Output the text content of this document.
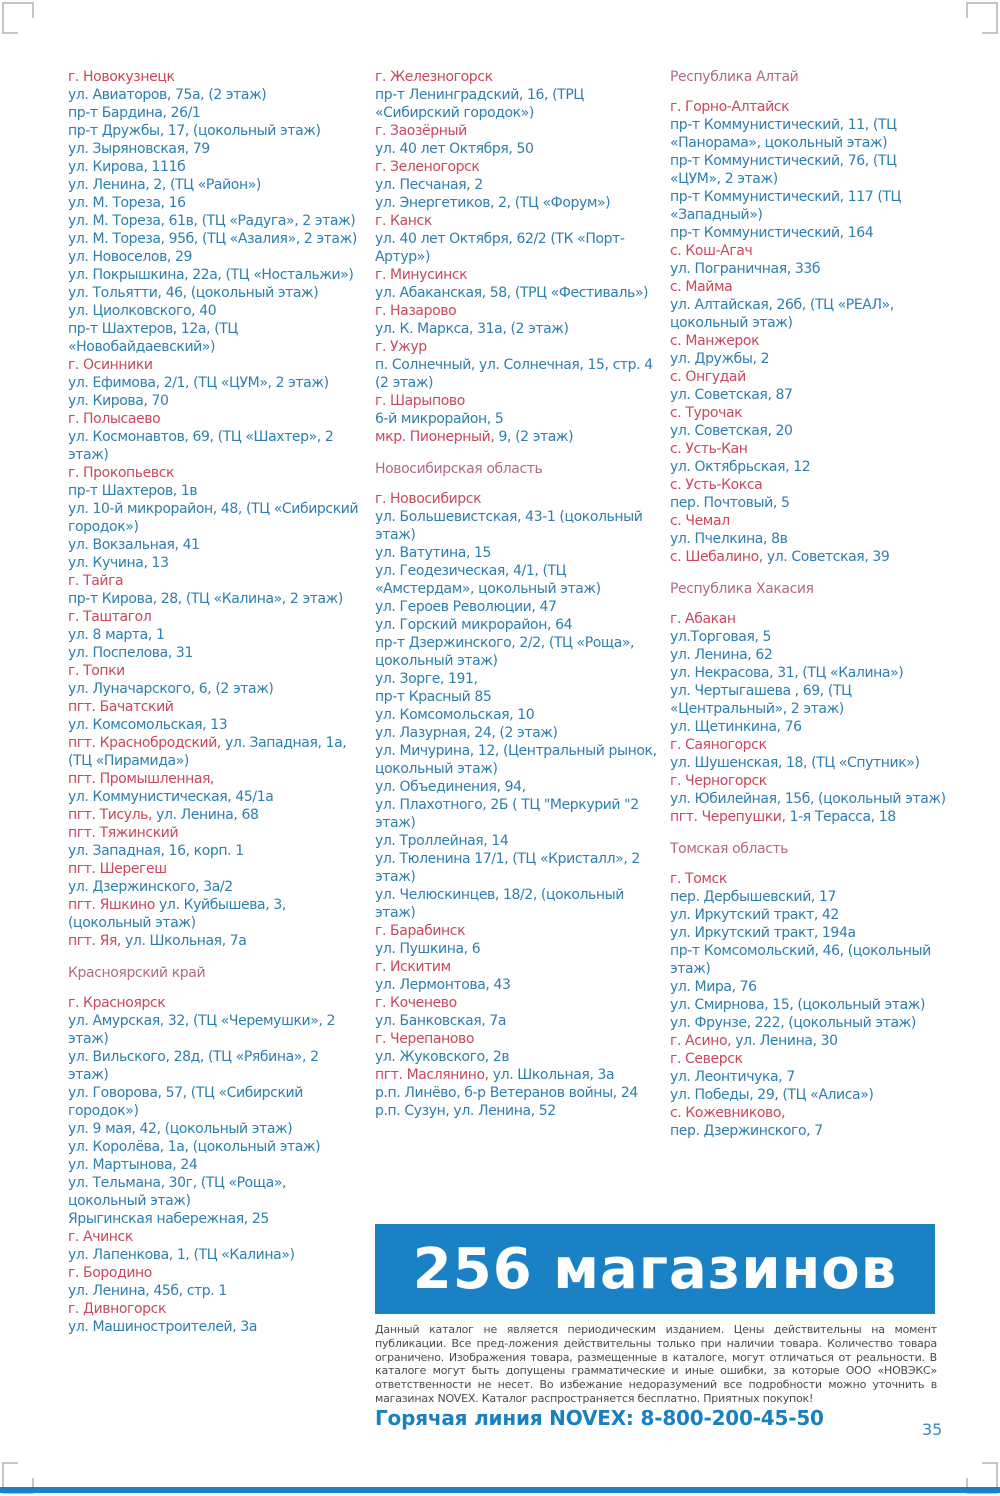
г. Новокузнецк
ул. Авиаторов, 75а, (2 этаж)
пр-т Бардина, 26/1
пр-т Дружбы, 17, (цокольный этаж)
ул. Зыряновская, 79
ул. Кирова, 111б
ул. Ленина, 2, (ТЦ «Район»)
ул. М. Тореза, 16
ул. М. Тореза, 61в, (ТЦ «Радуга», 2 этаж)
ул. М. Тореза, 95б, (ТЦ «Азалия», 2 этаж)
ул. Новоселов, 29
ул. Покрышкина, 22а, (ТЦ «Ностальжи»)
ул. Тольятти, 46, (цокольный этаж)
ул. Циолковского, 40
пр-т Шахтеров, 12а, (ТЦ «Новобайдаевский»)
г. Осинники
ул. Ефимова, 2/1, (ТЦ «ЦУМ», 2 этаж)
ул. Кирова, 70
г. Полысаево
ул. Космонавтов, 69, (ТЦ «Шахтер», 2 этаж)
г. Прокопьевск
пр-т Шахтеров, 1в
ул. 10-й микрорайон, 48, (ТЦ «Сибирский городок»)
ул. Вокзальная, 41
ул. Кучина, 13
г. Тайга
пр-т Кирова, 28, (ТЦ «Калина», 2 этаж)
г. Таштагол
ул. 8 марта, 1
ул. Поспелова, 31
г. Топки
ул. Луначарского, 6, (2 этаж)
пгт. Бачатский
ул. Комсомольская, 13
пгт. Краснобродский, ул. Западная, 1а, (ТЦ «Пирамида»)
пгт. Промышленная,
ул. Коммунистическая, 45/1а
пгт. Тисуль, ул. Ленина, 68
пгт. Тяжинский
ул. Западная, 16, корп. 1
пгт. Шерегеш
ул. Дзержинского, 3а/2
пгт. Яшкино ул. Куйбышева, 3, (цокольный этаж)
пгт. Яя, ул. Школьная, 7а
Красноярский край
г. Красноярск
ул. Амурская, 32, (ТЦ «Черемушки», 2 этаж)
ул. Вильского, 28д, (ТЦ «Рябина», 2 этаж)
ул. Говорова, 57, (ТЦ «Сибирский городок»)
ул. 9 мая, 42, (цокольный этаж)
ул. Королёва, 1а, (цокольный этаж)
ул. Мартынова, 24
ул. Тельмана, 30г, (ТЦ «Роща», цокольный этаж)
Ярыгинская набережная, 25
г. Ачинск
ул. Лапенкова, 1, (ТЦ «Калина»)
г. Бородино
ул. Ленина, 45б, стр. 1
г. Дивногорск
ул. Машиностроителей, 3а
г. Железногорск
пр-т Ленинградский, 16, (ТРЦ «Сибирский городок»)
г. Заозёрный
ул. 40 лет Октября, 50
г. Зеленогорск
ул. Песчаная, 2
ул. Энергетиков, 2, (ТЦ «Форум»)
г. Канск
ул. 40 лет Октября, 62/2 (ТК «Порт-Артур»)
г. Минусинск
ул. Абаканская, 58, (ТРЦ «Фестиваль»)
г. Назарово
ул. К. Маркса, 31а, (2 этаж)
г. Ужур
п. Солнечный, ул. Солнечная, 15, стр. 4 (2 этаж)
г. Шарыпово
6-й микрорайон, 5
мкр. Пионерный, 9, (2 этаж)
Новосибирская область
г. Новосибирск
ул. Большевистская, 43-1 (цокольный этаж)
ул. Ватутина, 15
ул. Геодезическая, 4/1, (ТЦ «Амстердам», цокольный этаж)
ул. Героев Революции, 47
ул. Горский микрорайон, 64
пр-т Дзержинского, 2/2, (ТЦ «Роща», цокольный этаж)
ул. Зорге, 191,
пр-т Красный 85
ул. Комсомольская, 10
ул. Лазурная, 24, (2 этаж)
ул. Мичурина, 12, (Центральный рынок, цокольный этаж)
ул. Объединения, 94,
ул. Плахотного, 2Б ( ТЦ "Меркурий "2 этаж)
ул. Троллейная, 14
ул. Тюленина 17/1, (ТЦ «Кристалл», 2 этаж)
ул. Челюскинцев, 18/2, (цокольный этаж)
г. Барабинск
ул. Пушкина, 6
г. Искитим
ул. Лермонтова, 43
г. Коченево
ул. Банковская, 7а
г. Черепаново
ул. Жуковского, 2в
пгт. Маслянино, ул. Школьная, 3а
р.п. Линёво, б-р Ветеранов войны, 24
р.п. Сузун, ул. Ленина, 52
Республика Алтай
г. Горно-Алтайск
пр-т Коммунистический, 11, (ТЦ «Панорама», цокольный этаж)
пр-т Коммунистический, 76, (ТЦ «ЦУМ», 2 этаж)
пр-т Коммунистический, 117 (ТЦ «Западный»)
пр-т Коммунистический, 164
с. Кош-Агач
ул. Пограничная, 33б
с. Майма
ул. Алтайская, 26б, (ТЦ «РЕАЛ», цокольный этаж)
с. Манжерок
ул. Дружбы, 2
с. Онгудай
ул. Советская, 87
с. Турочак
ул. Советская, 20
с. Усть-Кан
ул. Октябрьская, 12
с. Усть-Кокса
пер. Почтовый, 5
с. Чемал
ул. Пчелкина, 8в
с. Шебалино, ул. Советская, 39
Республика Хакасия
г. Абакан
ул.Торговая, 5
ул. Ленина, 62
ул. Некрасова, 31, (ТЦ «Калина»)
ул. Чертыгашева , 69, (ТЦ «Центральный», 2 этаж)
ул. Щетинкина, 76
г. Саяногорск
ул. Шушенская, 18, (ТЦ «Спутник»)
г. Черногорск
ул. Юбилейная, 15б, (цокольный этаж)
пгт. Черепушки, 1-я Терасса, 18
Томская область
г. Томск
пер. Дербышевский, 17
ул. Иркутский тракт, 42
ул. Иркутский тракт, 194а
пр-т Комсомольский, 46, (цокольный этаж)
ул. Мира, 76
ул. Смирнова, 15, (цокольный этаж)
ул. Фрунзе, 222, (цокольный этаж)
г. Асино, ул. Ленина, 30
г. Северск
ул. Леонтичука, 7
ул. Победы, 29, (ТЦ «Алиса»)
с. Кожевниково,
пер. Дзержинского, 7
256 магазинов
Данный каталог не является периодическим изданием. Цены действительны на момент публикации. Все пред-ложения действительны только при наличии товара. Количество товара ограничено. Изображения товара, размещенные в каталоге, могут отличаться от реальности. В каталоге могут быть допущены грамматические и иные ошибки, за которые ООО «НОВЭКС» ответственности не несет. Во избежание недоразумений все подробности можно уточнить в магазинах NOVEX. Каталог распространяется бесплатно. Приятных покупок!
Горячая линия NOVEX: 8-800-200-45-50	35
